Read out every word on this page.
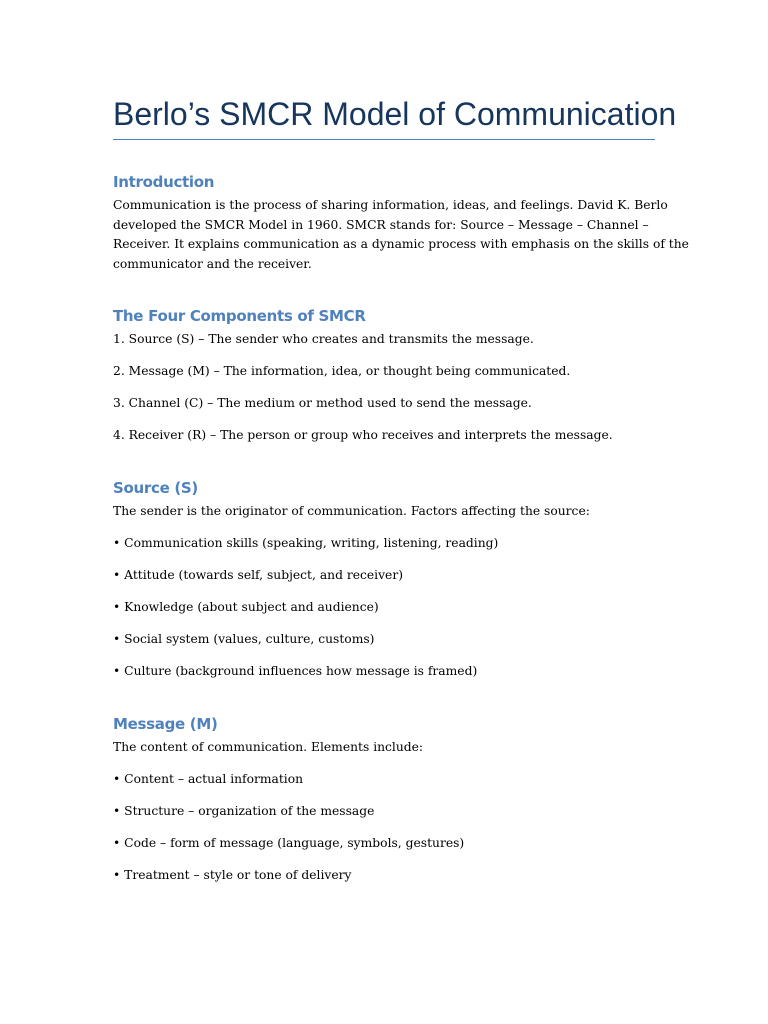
Berlo’s SMCR Model of Communication
Introduction

Communication is the process of sharing information, ideas, and feelings. David K. Berlo

developed the SMCR Model in 1960. SMCR stands for: Source – Message – Channel –

Receiver. It explains communication as a dynamic process with emphasis on the skills of the

communicator and the receiver.

The Four Components of SMCR

1. Source (S) – The sender who creates and transmits the message.

2. Message (M) – The information, idea, or thought being communicated.

3. Channel (C) – The medium or method used to send the message.

4. Receiver (R) – The person or group who receives and interprets the message.

Source (S)

The sender is the originator of communication. Factors affecting the source:

• Communication skills (speaking, writing, listening, reading)

• Attitude (towards self, subject, and receiver)

• Knowledge (about subject and audience)

• Social system (values, culture, customs)

• Culture (background influences how message is framed)

Message (M)

The content of communication. Elements include:

• Content – actual information

• Structure – organization of the message

• Code – form of message (language, symbols, gestures)

• Treatment – style or tone of delivery
